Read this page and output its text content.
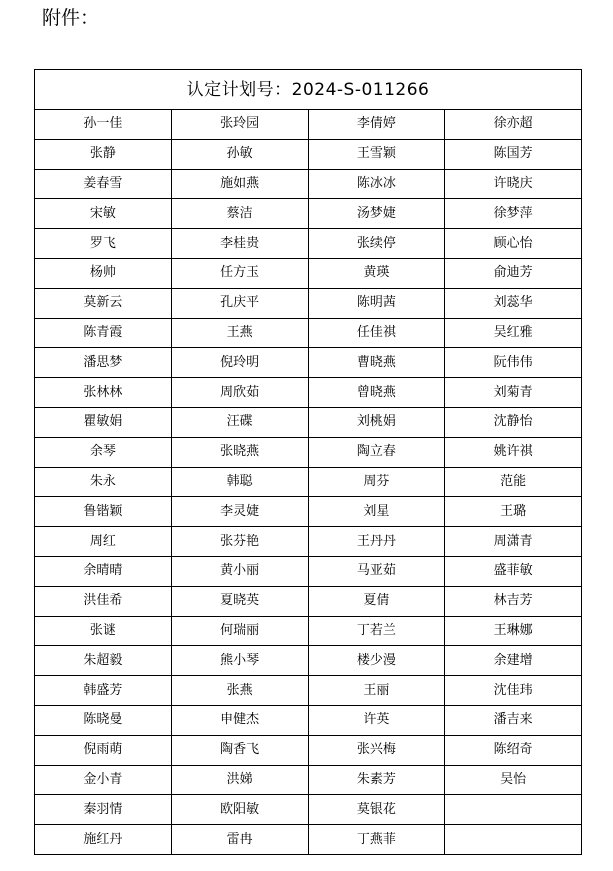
附件：
认定计划号：2024-S-011266			
孙一佳	张玲园	李倩婷	徐亦超
张静	孙敏	王雪颖	陈国芳
姜春雪	施如燕	陈冰冰	许晓庆
宋敏	蔡洁	汤梦婕	徐梦萍
罗飞	李桂贵	张续停	顾心怡
杨帅	任方玉	黄瑛	俞迪芳
莫新云	孔庆平	陈明茜	刘蕊华
陈青霞	王燕	任佳祺	吴红雅
潘思梦	倪玲明	曹晓燕	阮伟伟
张林林	周欣茹	曾晓燕	刘菊青
瞿敏娟	汪碟	刘桃娟	沈静怡
余琴	张晓燕	陶立春	姚许祺
朱永	韩聪	周芬	范能
鲁锴颖	李灵婕	刘星	王璐
周红	张芬艳	王丹丹	周潇青
余晴晴	黄小丽	马亚茹	盛菲敏
洪佳希	夏晓英	夏倩	林吉芳
张谜	何瑞丽	丁若兰	王琳娜
朱超毅	熊小琴	楼少漫	余建增
韩盛芳	张燕	王丽	沈佳玮
陈晓曼	申健杰	许英	潘吉来
倪雨萌	陶香飞	张兴梅	陈绍奇
金小青	洪娣	朱素芳	吴怡
秦羽情	欧阳敏	莫银花	
施红丹	雷冉	丁燕菲	
